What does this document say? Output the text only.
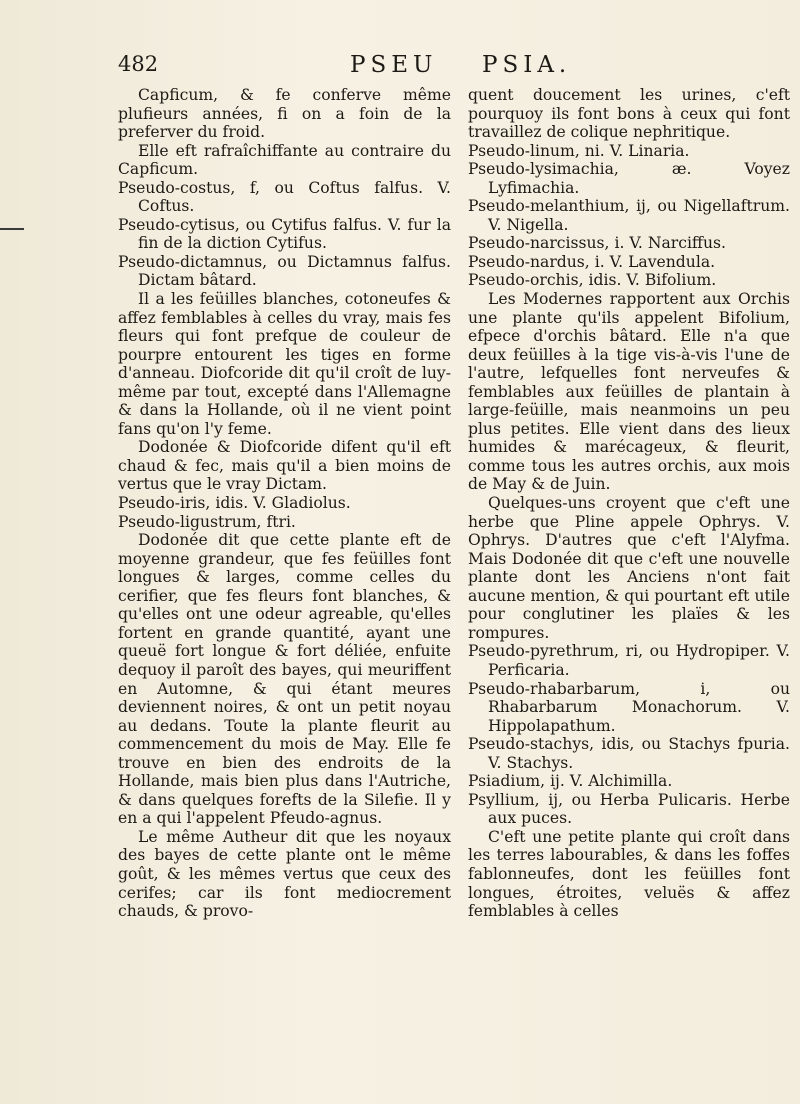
482	PSEU PSIA.

Capficum, & fe conferve même plufieurs années, fi on a foin de la preferver du froid.

Elle eft rafraîchiffante au contraire du Capficum.

Pseudo-costus, f, ou Coftus falfus. V. Coftus.

Pseudo-cytisus, ou Cytifus falfus. V. fur la fin de la diction Cytifus.

Pseudo-dictamnus, ou Dictamnus falfus. Dictam bâtard.

Il a les feüilles blanches, cotoneufes & affez femblables à celles du vray, mais fes fleurs qui font prefque de couleur de pourpre entourent les tiges en forme d'anneau. Diofcoride dit qu'il croît de luy-même par tout, excepté dans l'Allemagne & dans la Hollande, où il ne vient point fans qu'on l'y feme.

Dodonée & Diofcoride difent qu'il eft chaud & fec, mais qu'il a bien moins de vertus que le vray Dictam.

Pseudo-iris, idis. V. Gladiolus.

Pseudo-ligustrum, ftri.

Dodonée dit que cette plante eft de moyenne grandeur, que fes feüilles font longues & larges, comme celles du cerifier, que fes fleurs font blanches, & qu'elles ont une odeur agreable, qu'elles fortent en grande quantité, ayant une queuë fort longue & fort déliée, enfuite dequoy il paroît des bayes, qui meuriffent en Automne, & qui étant meures deviennent noires, & ont un petit noyau au dedans. Toute la plante fleurit au commencement du mois de May. Elle fe trouve en bien des endroits de la Hollande, mais bien plus dans l'Autriche, & dans quelques forefts de la Silefie. Il y en a qui l'appelent Pfeudo-agnus.

Le même Autheur dit que les noyaux des bayes de cette plante ont le même goût, & les mêmes vertus que ceux des cerifes; car ils font mediocrement chauds, & provo-

quent doucement les urines, c'eft pourquoy ils font bons à ceux qui font travaillez de colique nephritique.

Pseudo-linum, ni. V. Linaria.

Pseudo-lysimachia, æ. Voyez Lyfimachia.

Pseudo-melanthium, ij, ou Nigellaftrum. V. Nigella.

Pseudo-narcissus, i. V. Narciffus.

Pseudo-nardus, i. V. Lavendula.

Pseudo-orchis, idis. V. Bifolium.

Les Modernes rapportent aux Orchis une plante qu'ils appelent Bifolium, efpece d'orchis bâtard. Elle n'a que deux feüilles à la tige vis-à-vis l'une de l'autre, lefquelles font nerveufes & femblables aux feüilles de plantain à large-feüille, mais neanmoins un peu plus petites. Elle vient dans des lieux humides & marécageux, & fleurit, comme tous les autres orchis, aux mois de May & de Juin.

Quelques-uns croyent que c'eft une herbe que Pline appele Ophrys. V. Ophrys. D'autres que c'eft l'Alyfma. Mais Dodonée dit que c'eft une nouvelle plante dont les Anciens n'ont fait aucune mention, & qui pourtant eft utile pour conglutiner les plaïes & les rompures.

Pseudo-pyrethrum, ri, ou Hydropiper. V. Perficaria.

Pseudo-rhabarbarum, i, ou Rhabarbarum Monachorum. V. Hippolapathum.

Pseudo-stachys, idis, ou Stachys fpuria. V. Stachys.

Psiadium, ij. V. Alchimilla.

Psyllium, ij, ou Herba Pulicaris. Herbe aux puces.

C'eft une petite plante qui croît dans les terres labourables, & dans les foffes fablonneufes, dont les feüilles font longues, étroites, veluës & affez femblables à celles
